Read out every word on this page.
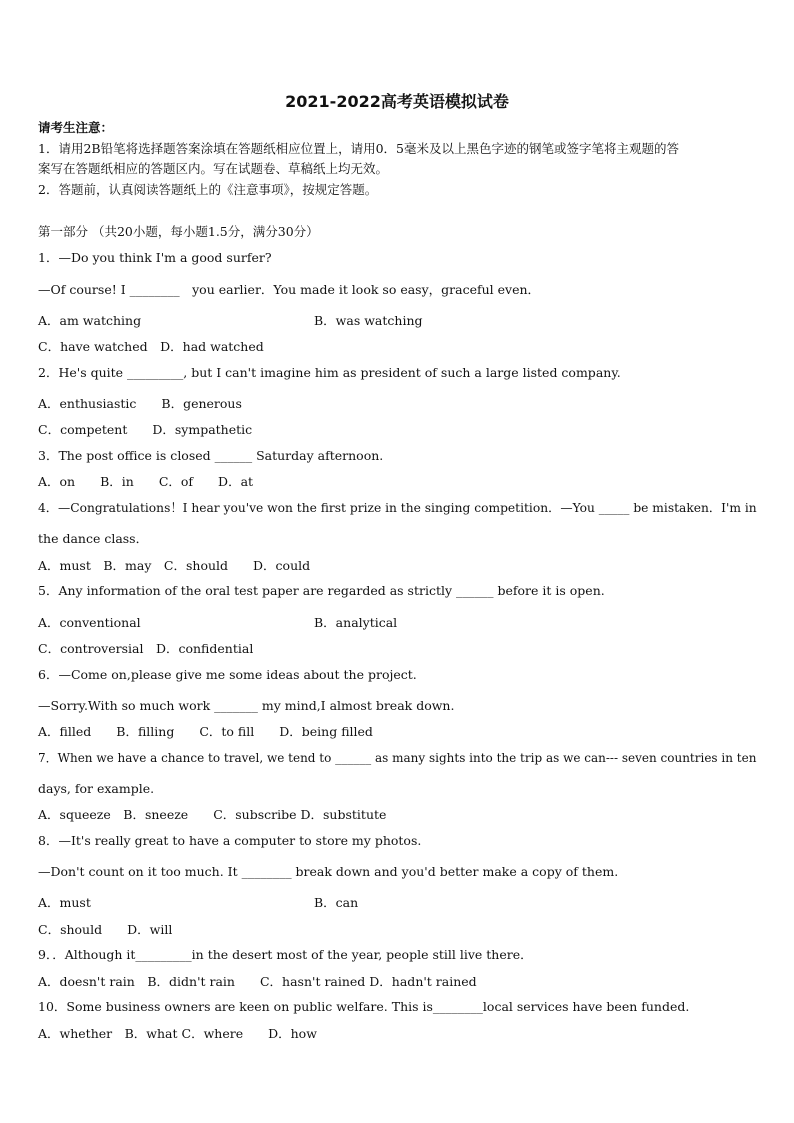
2021-2022高考英语模拟试卷
请考生注意：
1．请用2B铅笔将选择题答案涂填在答题纸相应位置上，请用0．5毫米及以上黑色字迹的钢笔或签字笔将主观题的答
案写在答题纸相应的答题区内。写在试题卷、草稿纸上均无效。
2．答题前，认真阅读答题纸上的《注意事项》，按规定答题。
第一部分 （共20小题，每小题1.5分，满分30分）
1．—Do you think I'm a good surfer?
—Of course! I ________　you earlier．You made it look so easy，graceful even．
A．am watching	B．was watching
C．have watched　D．had watched
2．He's quite _________, but I can't imagine him as president of such a large listed company.
A．enthusiastic　　B．generous
C．competent　　D．sympathetic
3．The post office is closed ______ Saturday afternoon.
A．on　　B．in　　C．of　　D．at
4．—Congratulations！I hear you've won the first prize in the singing competition．—You _____ be mistaken．I'm in
the dance class．
A．must　B．may　C．should　　D．could
5．Any information of the oral test paper are regarded as strictly ______ before it is open.
A．conventional	B．analytical
C．controversial　D．confidential
6．—Come on,please give me some ideas about the project.
—Sorry.With so much work _______ my mind,I almost break down.
A．filled　　B．filling　　C．to fill　　D．being filled
7．When we have a chance to travel, we tend to ______ as many sights into the trip as we can--- seven countries in ten
days, for example.
A．squeeze　B．sneeze　　C．subscribe D．substitute
8．—It's really great to have a computer to store my photos.
—Don't count on it too much. It ________ break down and you'd better make a copy of them.
A．must	B．can
C．should　　D．will
9．．Although it_________in the desert most of the year, people still live there．
A．doesn't rain　B．didn't rain　　C．hasn't rained D．hadn't rained
10．Some business owners are keen on public welfare. This is________local services have been funded.
A．whether　B．what C．where　　D．how
